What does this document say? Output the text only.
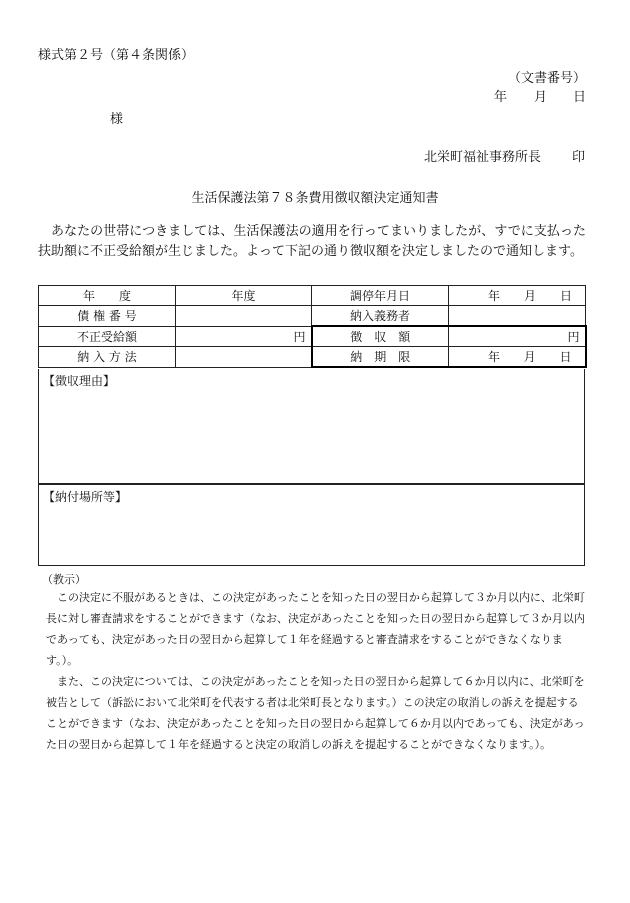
様式第２号（第４条関係）
（文書番号）
年 月 日
様
北栄町福祉事務所長 印
生活保護法第７８条費用徴収額決定通知書
あなたの世帯につきましては、生活保護法の適用を行ってまいりましたが、すでに支払った扶助額に不正受給額が生じました。よって下記の通り徴収額を決定しましたので通知します。
年　　度	年度	調停年月日	年 月 日

債 権 番 号		納入義務者	
不正受給額	円	徴　収　額	円
納 入 方 法		納　期　限	年 月 日
【徴収理由】
【納付場所等】
（教示）
この決定に不服があるときは、この決定があったことを知った日の翌日から起算して３か月以内に、北栄町長に対し審査請求をすることができます（なお、決定があったことを知った日の翌日から起算して３か月以内であっても、決定があった日の翌日から起算して１年を経過すると審査請求をすることができなくなります。）。
また、この決定については、この決定があったことを知った日の翌日から起算して６か月以内に、北栄町を被告として（訴訟において北栄町を代表する者は北栄町長となります。）この決定の取消しの訴えを提起することができます（なお、決定があったことを知った日の翌日から起算して６か月以内であっても、決定があった日の翌日から起算して１年を経過すると決定の取消しの訴えを提起することができなくなります。）。
